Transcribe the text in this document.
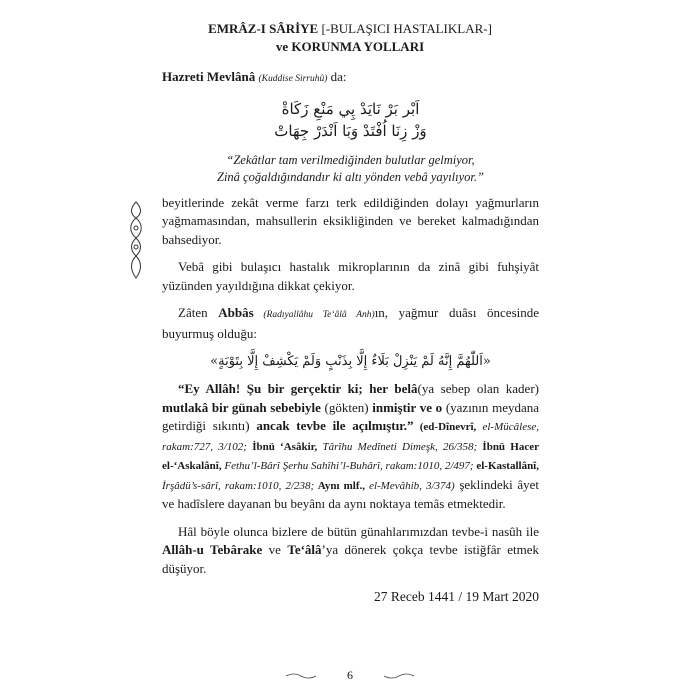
EMRÂZ-I SÂRİYE [-BULAŞICI HASTALIKLAR-]
ve KORUNMA YOLLARI

Hazreti Mevlânâ (Kuddise Sirruhû) da:

اَبْر بَرْ نَايَدْ پِي مَنْعِ زَكَاةْ
وَزْ زِنَا اُفْتَدْ وَبَا اَنْدَرْ جِهَاتْ
“Zekâtlar tam verilmediğinden bulutlar gelmiyor,
Zinâ çoğaldığındandır ki altı yönden vebâ yayılıyor.”

beyitlerinde zekât verme farzı terk edildiğinden dolayı yağmurların yağmamasından, mahsullerin eksikliğinden ve bereket kalmadığından bahsediyor.

Vebâ gibi bulaşıcı hastalık mikroplarının da zinâ gibi fuhşiyât yüzünden yayıldığına dikkat çekiyor.

Zâten Abbâs (Radıyallâhu Te‘âlâ Anh)ın, yağmur duâsı öncesinde buyurmuş olduğu:

«اَللّٰهُمَّ إِنَّهُ لَمْ يَنْزِلْ بَلَاءٌ إِلَّا بِذَنْبٍ وَلَمْ يَكْشِفْ إِلَّا بِتَوْبَةٍ»

“Ey Allâh! Şu bir gerçektir ki; her belâ(ya sebep olan kader) mutlakâ bir günah sebebiyle (gökten) inmiştir ve o (yazının meydana getirdiği sıkıntı) ancak tevbe ile açılmıştır.” (ed-Dînevrî, el-Mücâlese, rakam:727, 3/102; İbnü ‘Asâkir, Târîhu Medîneti Dimeşk, 26/358; İbnü Hacer el-‘Askalânî, Fethu’l-Bârî Şerhu Sahîhi’l-Buhârî, rakam:1010, 2/497; el-Kastallânî, İrşâdü’s-sârî, rakam:1010, 2/238; Aynı mlf., el-Mevâhib, 3/374) şeklindeki âyet ve hadîslere dayanan bu beyânı da aynı noktaya temâs etmektedir.

Hâl böyle olunca bizlere de bütün günahlarımızdan tevbe-i nasûh ile Allâh-u Tebârake ve Te‘âlâ’ya dönerek çokça tevbe istiğfâr etmek düşüyor.

27 Receb 1441 / 19 Mart 2020
6
